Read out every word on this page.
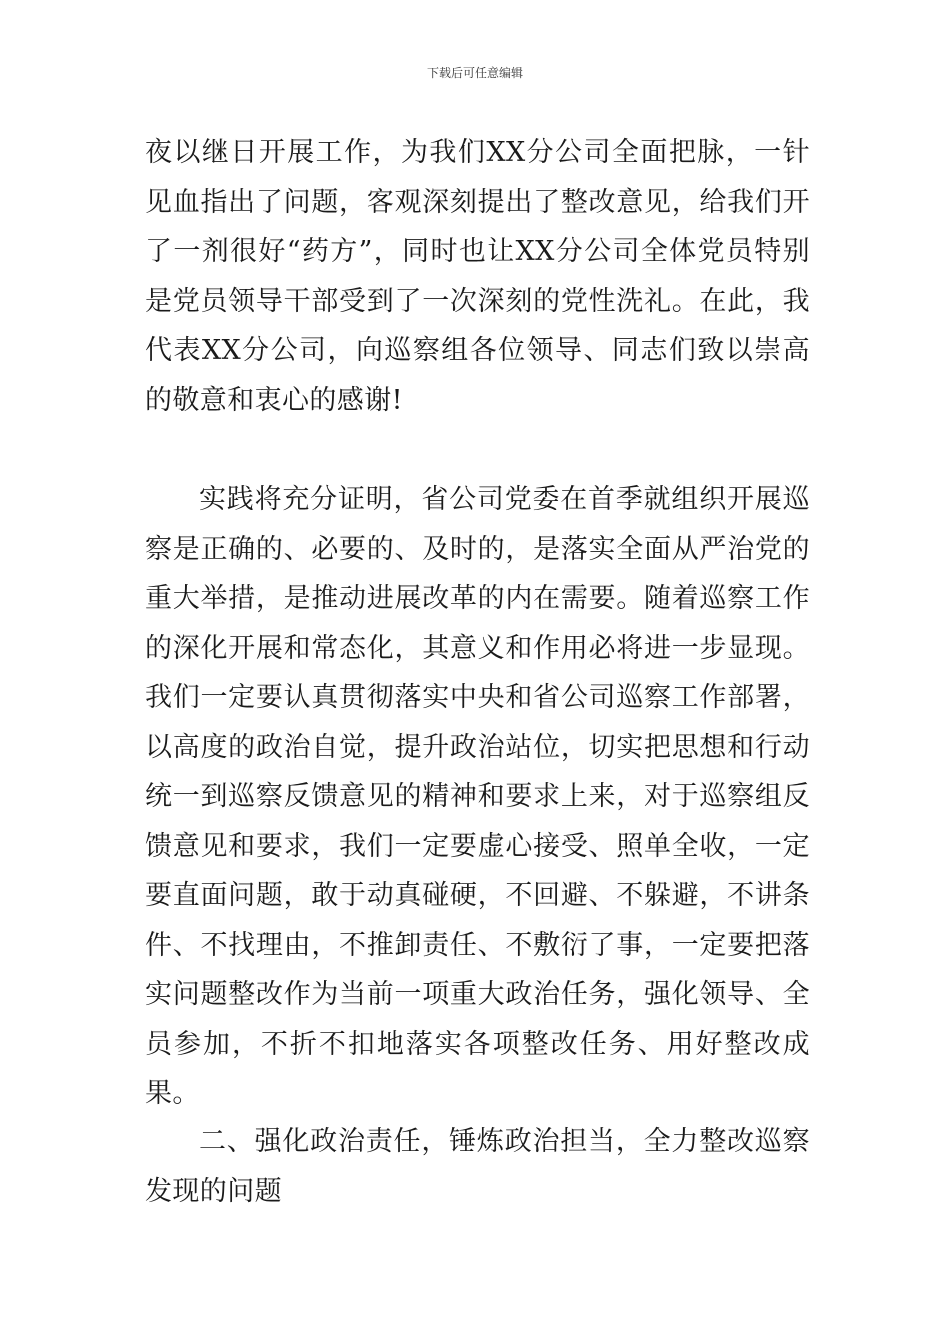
下载后可任意编辑

夜以继日开展工作，为我们XX分公司全面把脉，一针见血指出了问题，客观深刻提出了整改意见，给我们开了一剂很好“药方”，同时也让XX分公司全体党员特别是党员领导干部受到了一次深刻的党性洗礼。在此，我代表XX分公司，向巡察组各位领导、同志们致以崇高的敬意和衷心的感谢!

实践将充分证明，省公司党委在首季就组织开展巡察是正确的、必要的、及时的，是落实全面从严治党的重大举措，是推动进展改革的内在需要。随着巡察工作的深化开展和常态化，其意义和作用必将进一步显现。我们一定要认真贯彻落实中央和省公司巡察工作部署，以高度的政治自觉，提升政治站位，切实把思想和行动统一到巡察反馈意见的精神和要求上来，对于巡察组反馈意见和要求，我们一定要虚心接受、照单全收，一定要直面问题，敢于动真碰硬，不回避、不躲避，不讲条件、不找理由，不推卸责任、不敷衍了事，一定要把落实问题整改作为当前一项重大政治任务，强化领导、全员参加，不折不扣地落实各项整改任务、用好整改成果。

二、强化政治责任，锤炼政治担当，全力整改巡察发现的问题
